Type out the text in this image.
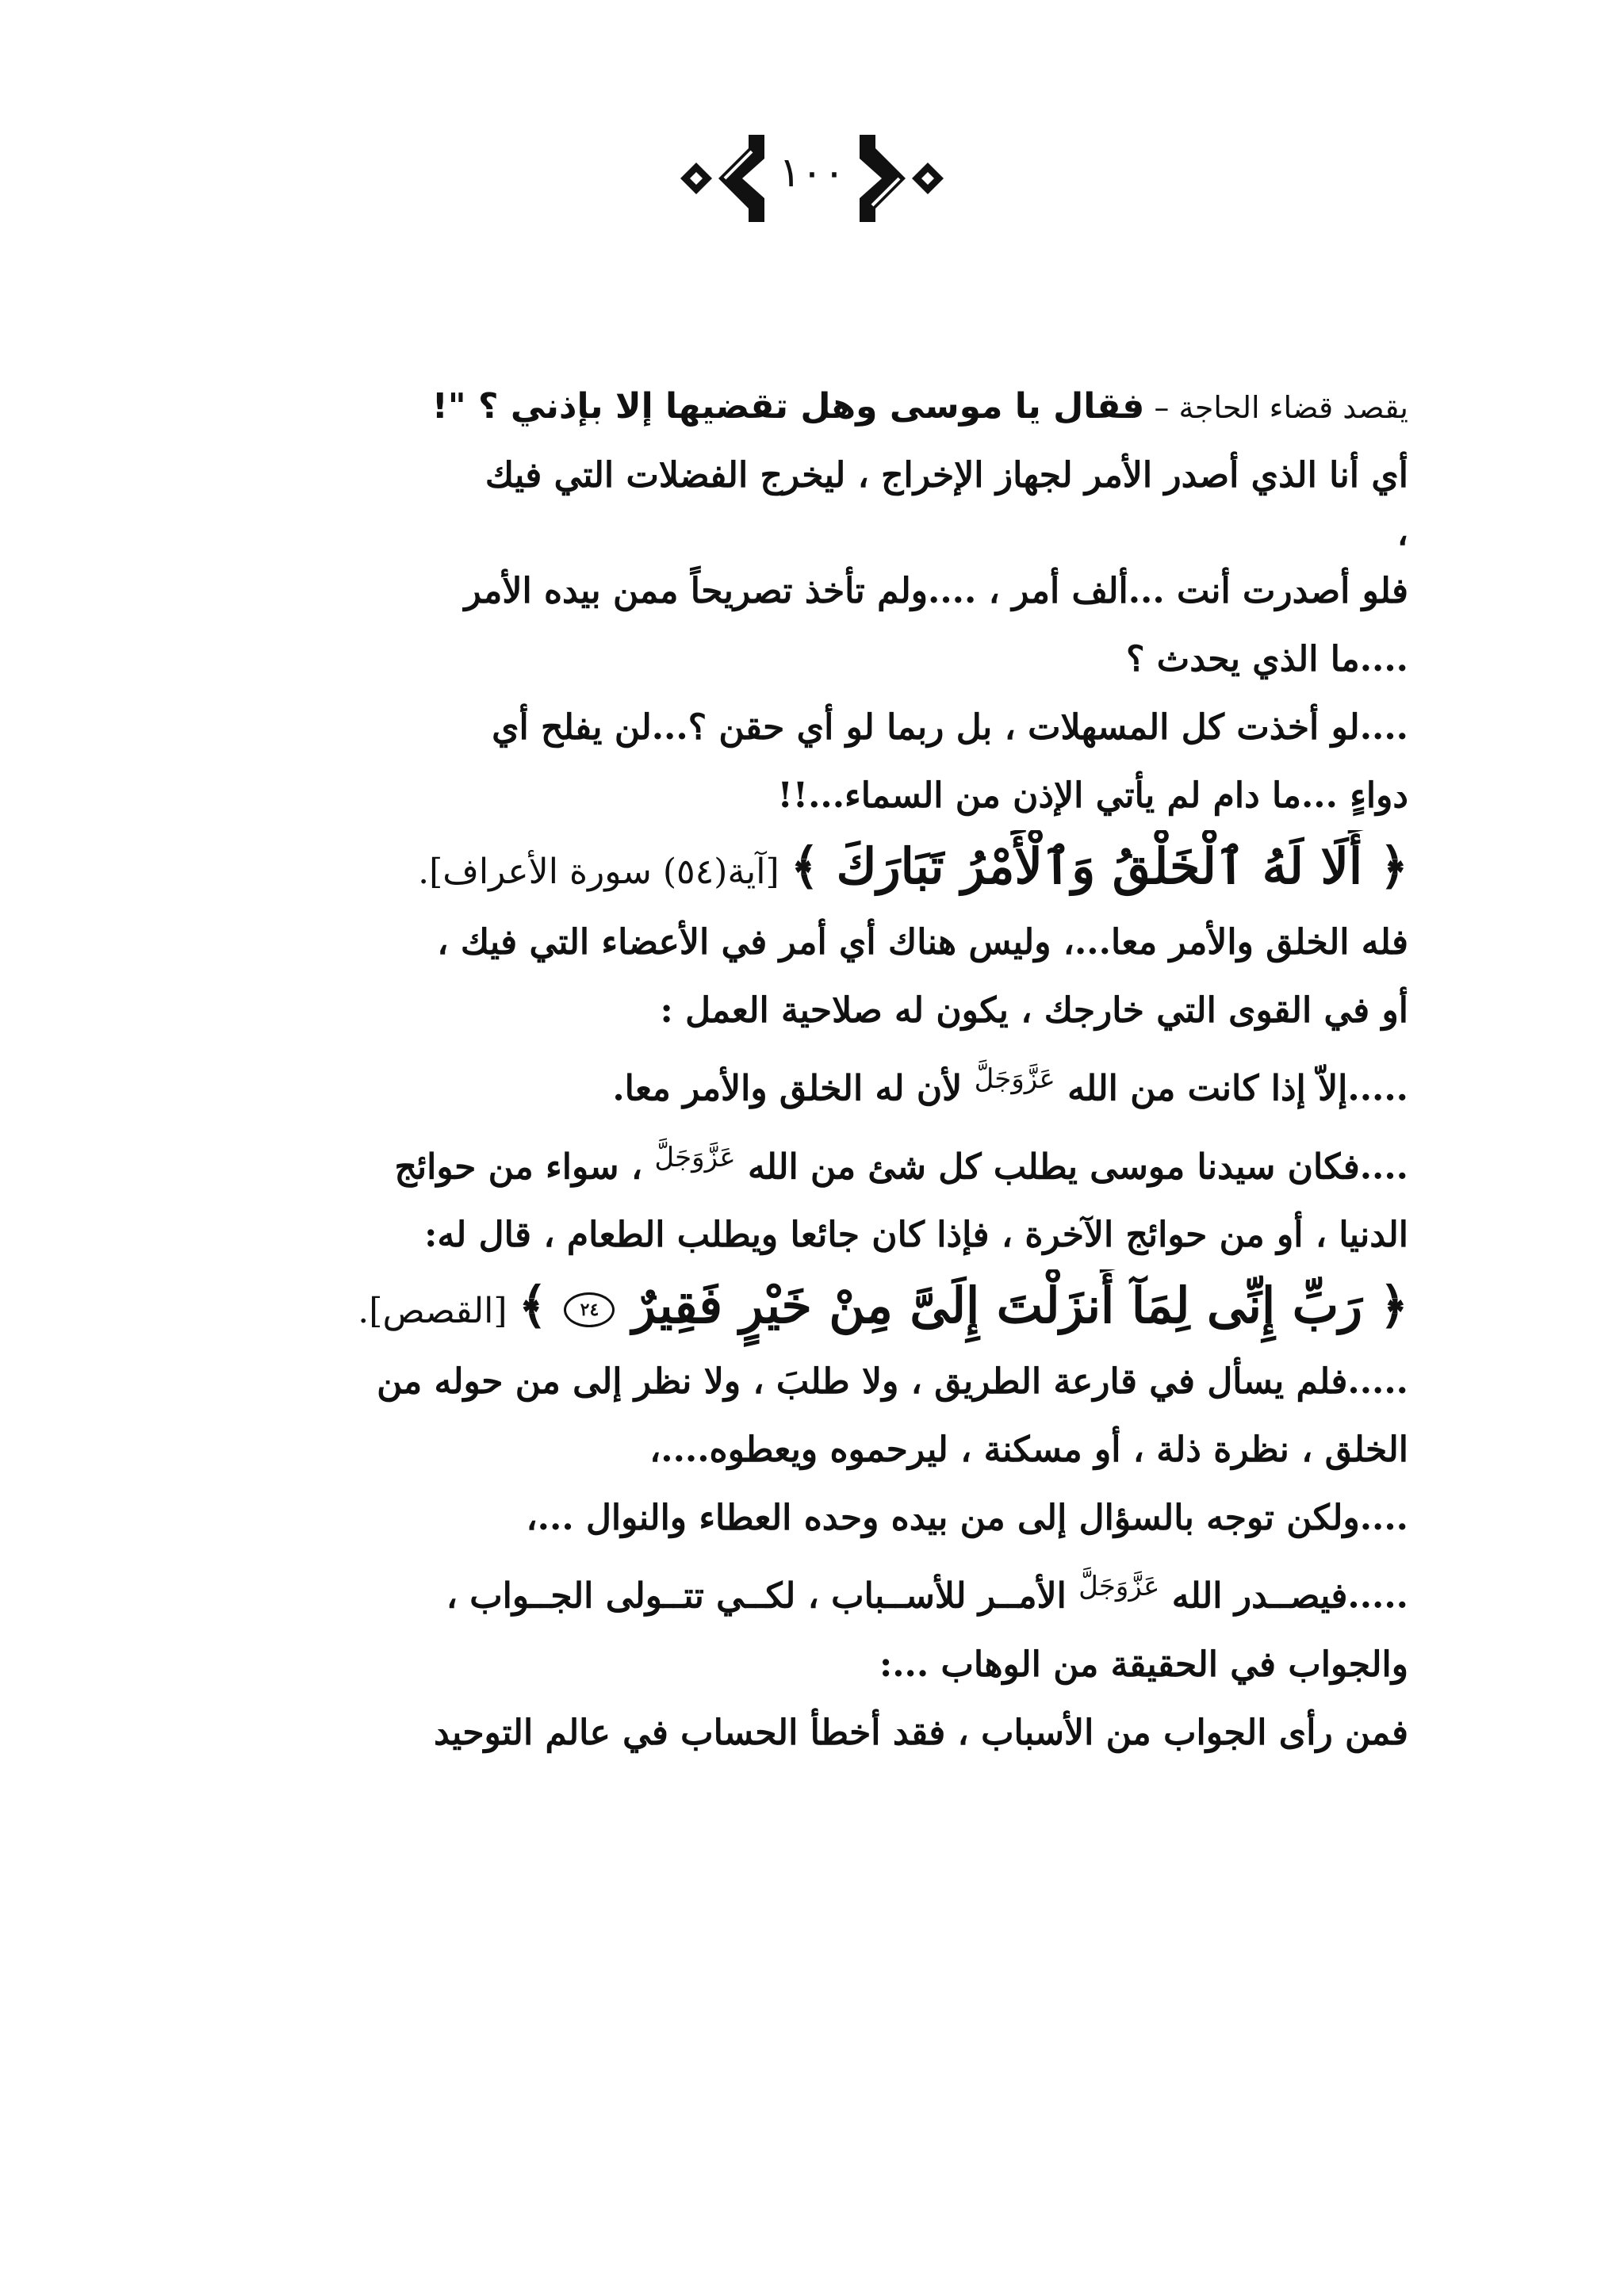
١٠٠
يقصد قضاء الحاجة – فقال يا موسى وهل تقضيها إلا بإذني ؟ "!
أي أنا الذي أصدر الأمر لجهاز الإخراج ، ليخرج الفضلات التي فيك
،
فلو أصدرت أنت ...ألف أمر ، ....ولم تأخذ تصريحاً ممن بيده الأمر
....ما الذي يحدث ؟
....لو أخذت كل المسهلات ، بل ربما لو أي حقن ؟...لن يفلح أي
دواءٍ ...ما دام لم يأتي الإذن من السماء...!!
﴿ أَلَا لَهُ ٱلْخَلْقُ وَٱلْأَمْرُ تَبَارَكَ ﴾ [آية(٥٤) سورة الأعراف].
فله الخلق والأمر معا...، وليس هناك أي أمر في الأعضاء التي فيك ،
أو في القوى التي خارجك ، يكون له صلاحية العمل :
.....إلاّ إذا كانت من الله $^{عَزَّوَجَلَّ}$ لأن له الخلق والأمر معا.
....فكان سيدنا موسى يطلب كل شئ من الله $^{عَزَّوَجَلَّ}$ ، سواء من حوائج
الدنيا ، أو من حوائج الآخرة ، فإذا كان جائعا ويطلب الطعام ، قال له:
﴿ رَبِّ إِنِّى لِمَآ أَنزَلْتَ إِلَىَّ مِنْ خَيْرٍ فَقِيرٌ ٢٤ ﴾ [القصص].
.....فلم يسأل في قارعة الطريق ، ولا طلبَ ، ولا نظر إلى من حوله من
الخلق ، نظرة ذلة ، أو مسكنة ، ليرحموه ويعطوه....،
....ولكن توجه بالسؤال إلى من بيده وحده العطاء والنوال ...،
.....فيصــدر الله $^{عَزَّوَجَلَّ}$ الأمــر للأســباب ، لكــي تتــولى الجــواب ،
والجواب في الحقيقة من الوهاب ...:
فمن رأى الجواب من الأسباب ، فقد أخطأ الحساب في عالم التوحيد
